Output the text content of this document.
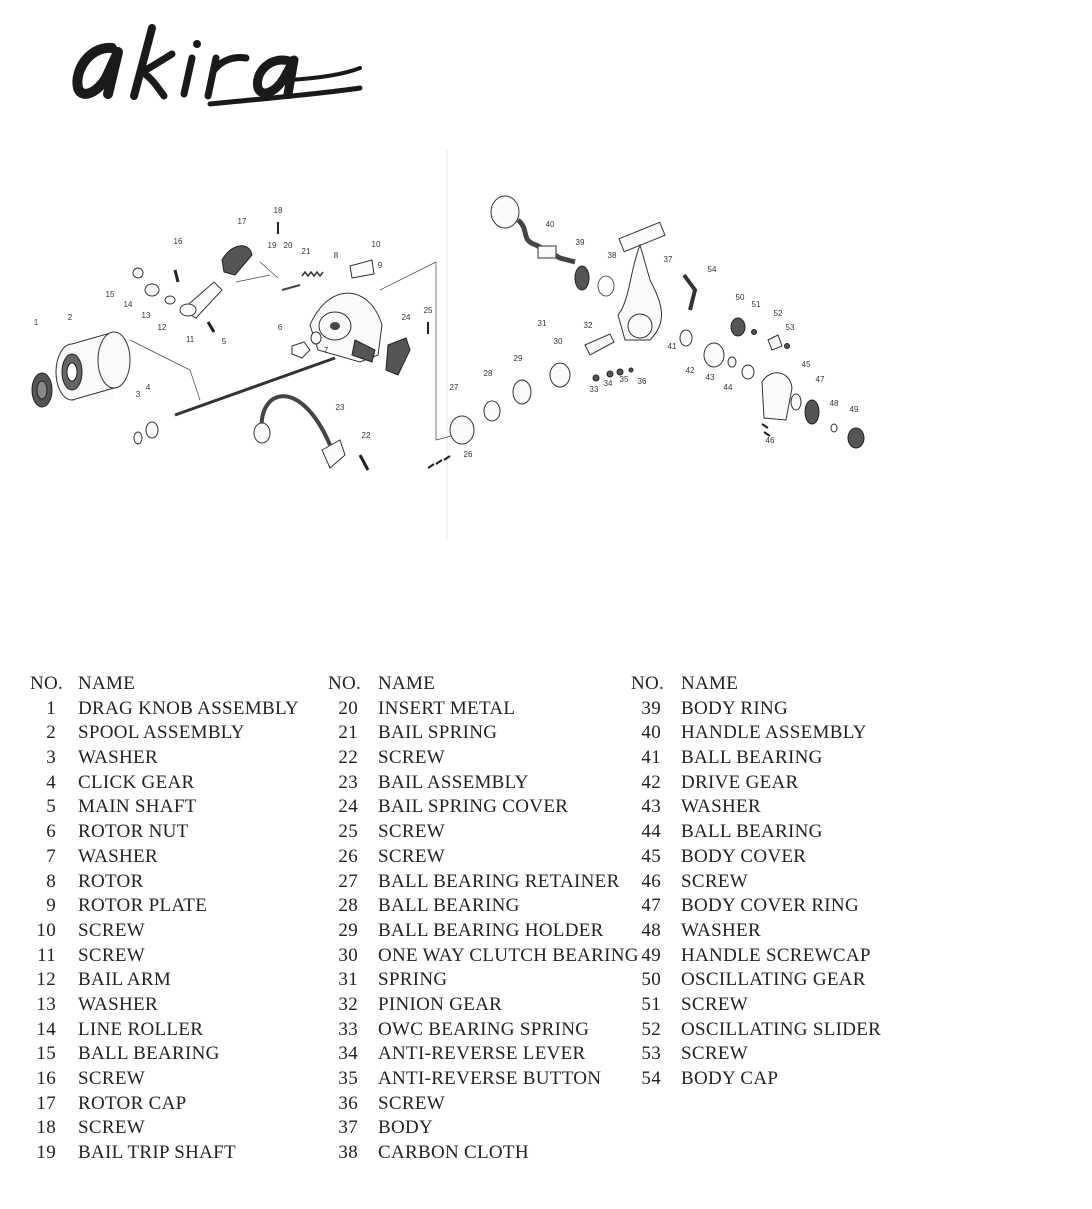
1
2
3
4
5
6
7
8
9
10
11
12
13
14
15
16
17
18
19 20
21
22
23
24
25
26
27
28
29
30
31	32
33
34 35 36
37
38
39
40
41
42
43
44
45
46
47
48
49
50
51
52
53
54
NO. NAME
1 DRAG KNOB ASSEMBLY
2 SPOOL ASSEMBLY
3 WASHER
4 CLICK GEAR
5 MAIN SHAFT
6 ROTOR NUT
7 WASHER
8 ROTOR
9 ROTOR PLATE
10 SCREW
11 SCREW
12 BAIL ARM
13 WASHER
14 LINE ROLLER
15 BALL BEARING
16 SCREW
17 ROTOR CAP
18 SCREW
19 BAIL TRIP SHAFT
NO. NAME
20 INSERT METAL
21 BAIL SPRING
22 SCREW
23 BAIL ASSEMBLY
24 BAIL SPRING COVER
25 SCREW
26 SCREW
27 BALL BEARING RETAINER
28 BALL BEARING
29 BALL BEARING HOLDER
30 ONE WAY CLUTCH BEARING
31 SPRING
32 PINION GEAR
33 OWC BEARING SPRING
34 ANTI-REVERSE LEVER
35 ANTI-REVERSE BUTTON
36 SCREW
37 BODY
38 CARBON CLOTH
NO. NAME
39 BODY RING
40 HANDLE ASSEMBLY
41 BALL BEARING
42 DRIVE GEAR
43 WASHER
44 BALL BEARING
45 BODY COVER
46 SCREW
47 BODY COVER RING
48 WASHER
49 HANDLE SCREWCAP
50 OSCILLATING GEAR
51 SCREW
52 OSCILLATING SLIDER
53 SCREW
54 BODY CAP
